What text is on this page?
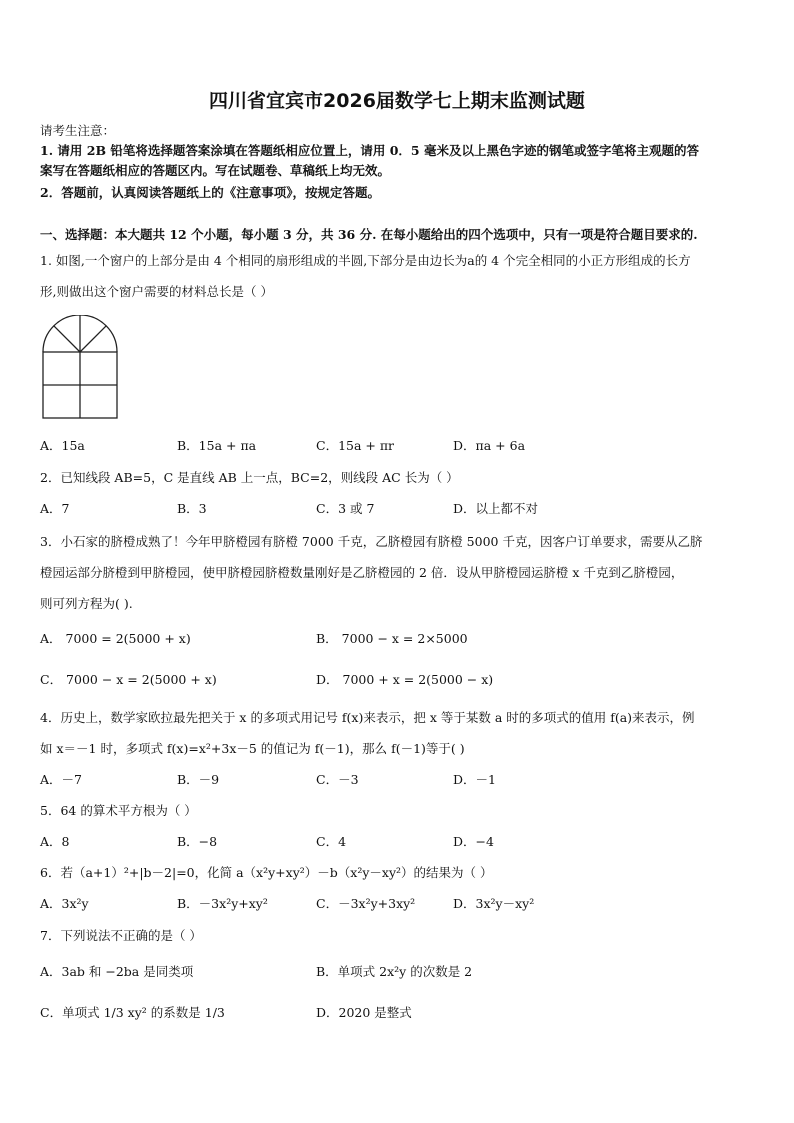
四川省宜宾市2026届数学七上期末监测试题
请考生注意：
1. 请用 2B 铅笔将选择题答案涂填在答题纸相应位置上，请用 0．5 毫米及以上黑色字迹的钢笔或签字笔将主观题的答
案写在答题纸相应的答题区内。写在试题卷、草稿纸上均无效。
2．答题前，认真阅读答题纸上的《注意事项》，按规定答题。
一、选择题：本大题共 12 个小题，每小题 3 分，共 36 分. 在每小题给出的四个选项中，只有一项是符合题目要求的.
1. 如图,一个窗户的上部分是由 4 个相同的扇形组成的半圆,下部分是由边长为a的 4 个完全相同的小正方形组成的长方
形,则做出这个窗户需要的材料总长是（ ）
A．15a	B．15a + πa	C．15a + πr	D．πa + 6a
2．已知线段 AB=5，C 是直线 AB 上一点，BC=2，则线段 AC 长为（ ）
A．7	B．3	C．3 或 7	D．以上都不对
3．小石家的脐橙成熟了！今年甲脐橙园有脐橙 7000 千克，乙脐橙园有脐橙 5000 千克，因客户订单要求，需要从乙脐
橙园运部分脐橙到甲脐橙园，使甲脐橙园脐橙数量刚好是乙脐橙园的 2 倍．设从甲脐橙园运脐橙 x 千克到乙脐橙园，
则可列方程为( ).
A． 7000 = 2(5000 + x)	B． 7000 − x = 2×5000
C． 7000 − x = 2(5000 + x)	D． 7000 + x = 2(5000 − x)
4．历史上，数学家欧拉最先把关于 x 的多项式用记号 f(x)来表示，把 x 等于某数 a 时的多项式的值用 f(a)来表示，例
如 x＝－1 时，多项式 f(x)=x²+3x－5 的值记为 f(－1)，那么 f(－1)等于( )
A．－7	B．－9	C．－3	D．－1
5．64 的算术平方根为（ ）
A．8	B．−8	C．4	D．−4
6．若（a+1）²+|b－2|=0，化简 a（x²y+xy²）－b（x²y－xy²）的结果为（ ）
A．3x²y	B．－3x²y+xy²	C．－3x²y+3xy²	D．3x²y－xy²
7．下列说法不正确的是（ ）
A．3ab 和 −2ba 是同类项	B．单项式 2x²y 的次数是 2
C．单项式 1/3 xy² 的系数是 1/3	D．2020 是整式
